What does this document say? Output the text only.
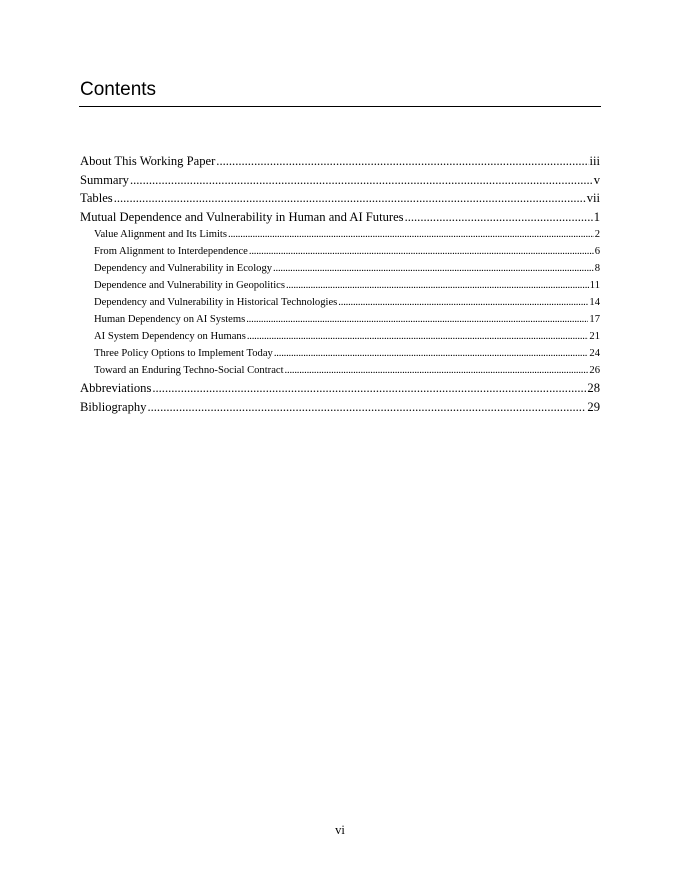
Contents
About This Working Paper .....	iii
Summary .....	v
Tables .....	vii
Mutual Dependence and Vulnerability in Human and AI Futures .....	1
Value Alignment and Its Limits .....	2
From Alignment to Interdependence .....	6
Dependency and Vulnerability in Ecology .....	8
Dependence and Vulnerability in Geopolitics .....	11
Dependency and Vulnerability in Historical Technologies .....	14
Human Dependency on AI Systems .....	17
AI System Dependency on Humans .....	21
Three Policy Options to Implement Today .....	24
Toward an Enduring Techno-Social Contract .....	26
Abbreviations .....	28
Bibliography .....	29
vi
